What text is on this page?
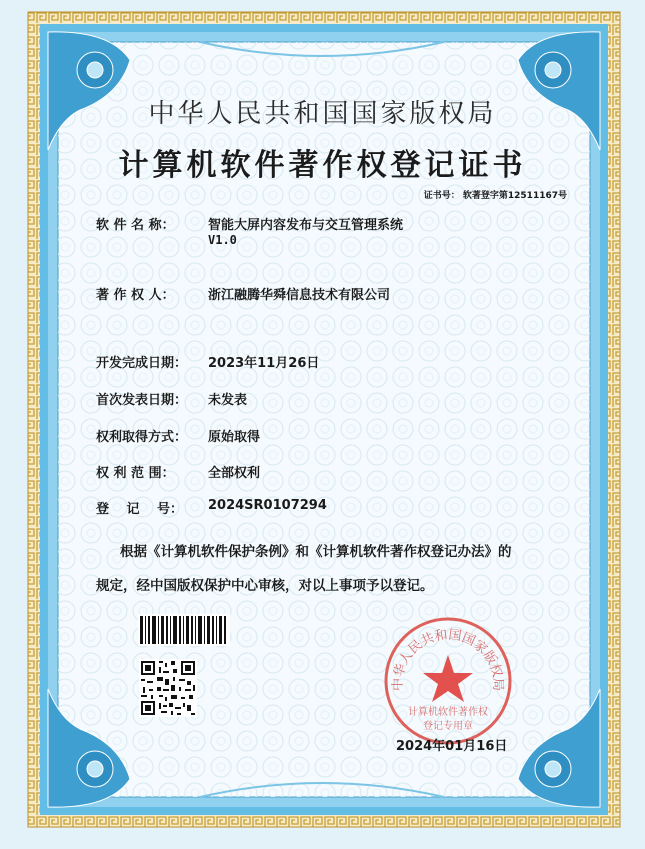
中华人民共和国国家版权局
计算机软件著作权登记证书
证书号： 软著登字第12511167号
软 件 名 称：	智能大屏内容发布与交互管理系统
V1.0
著 作 权 人：	浙江融腾华舜信息技术有限公司
开发完成日期：	2023年11月26日
首次发表日期：	未发表
权利取得方式：	原始取得
权 利 范 围：	全部权利
登　 记 　号：	2024SR0107294
根据《计算机软件保护条例》和《计算机软件著作权登记办法》的
规定，经中国版权保护中心审核，对以上事项予以登记。
中华人民共和国国家版权局
计算机软件著作权
登记专用章
2024年01月16日
